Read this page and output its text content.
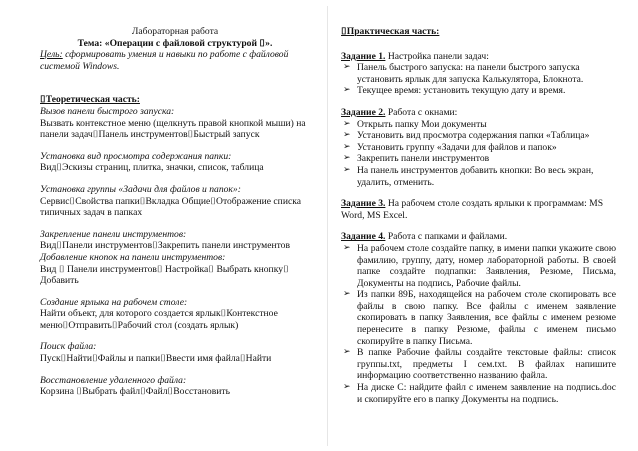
Лабораторная работа
Тема: «Операции с файловой структурой ⌷».
Цель: сформировать умения и навыки по работе с файловой системой Windows.
⌷Теоретическая часть:
Вызов панели быстрого запуска:
Вызвать контекстное меню (щелкнуть правой кнопкой мыши) на панели задач⌷Панель инструментов⌷Быстрый запуск
Установка вид просмотра содержания папки:
Вид⌷Эскизы страниц, плитка, значки, список, таблица
Установка группы «Задачи для файлов и папок»:
Сервис⌷Свойства папки⌷Вкладка Общие⌷Отображение списка типичных задач в папках
Закрепление панели инструментов:
Вид⌷Панели инструментов⌷Закрепить панели инструментов
Добавление кнопок на панели инструментов:
Вид ⌷ Панели инструментов⌷ Настройка⌷ Выбрать кнопку⌷ Добавить
Создание ярлыка на рабочем столе:
Найти объект, для которого создается ярлык⌷Контекстное меню⌷Отправить⌷Рабочий стол (создать ярлык)
Поиск файла:
Пуск⌷Найти⌷Файлы и папки⌷Ввести имя файла⌷Найти
Восстановление удаленного файла:
Корзина ⌷Выбрать файл⌷Файл⌷Восстановить
⌷Практическая часть:
Задание 1. Настройка панели задач:
➢ Панель быстрого запуска: на панели быстрого запуска установить ярлык для запуска Калькулятора, Блокнота.
➢ Текущее время: установить текущую дату и время.
Задание 2. Работа с окнами:
➢ Открыть папку Мои документы
➢ Установить вид просмотра содержания папки «Таблица»
➢ Установить группу «Задачи для файлов и папок»
➢ Закрепить панели инструментов
➢ На панель инструментов добавить кнопки: Во весь экран, удалить, отменить.
Задание 3. На рабочем столе создать ярлыки к программам: MS Word, MS Excel.
Задание 4. Работа с папками и файлами.
➢ На рабочем столе создайте папку, в имени папки укажите свою фамилию, группу, дату, номер лабораторной работы. В своей папке создайте подпапки: Заявления, Резюме, Письма, Документы на подпись, Рабочие файлы.
➢ Из папки 89Б, находящейся на рабочем столе скопировать все файлы в свою папку. Все файлы с именем заявление скопировать в папку Заявления, все файлы с именем резюме перенесите в папку Резюме, файлы с именем письмо скопируйте в папку Письма.
➢ В папке Рабочие файлы создайте текстовые файлы: список группы.txt, предметы I сем.txt. В файлах напишите информацию соответственно названию файла.
➢ На диске С: найдите файл с именем заявление на подпись.doc и скопируйте его в папку Документы на подпись.
